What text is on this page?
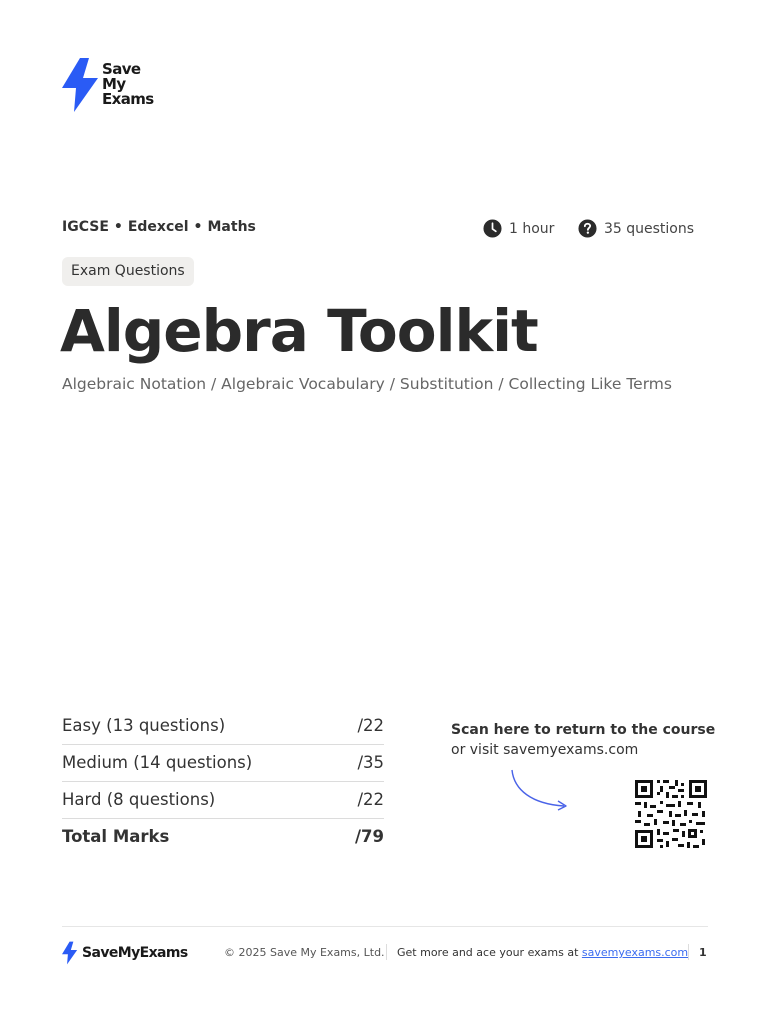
Save
My
Exams
IGCSE • Edexcel • Maths	1 hour	35 questions
Exam Questions
Algebra Toolkit
Algebraic Notation / Algebraic Vocabulary / Substitution / Collecting Like Terms
Easy (13 questions)	/22
Medium (14 questions)	/35
Hard (8 questions)	/22
Total Marks	/79
Scan here to return to the course
or visit savemyexams.com
SaveMyExams	© 2025 Save My Exams, Ltd. Get more and ace your exams at savemyexams.com 1
